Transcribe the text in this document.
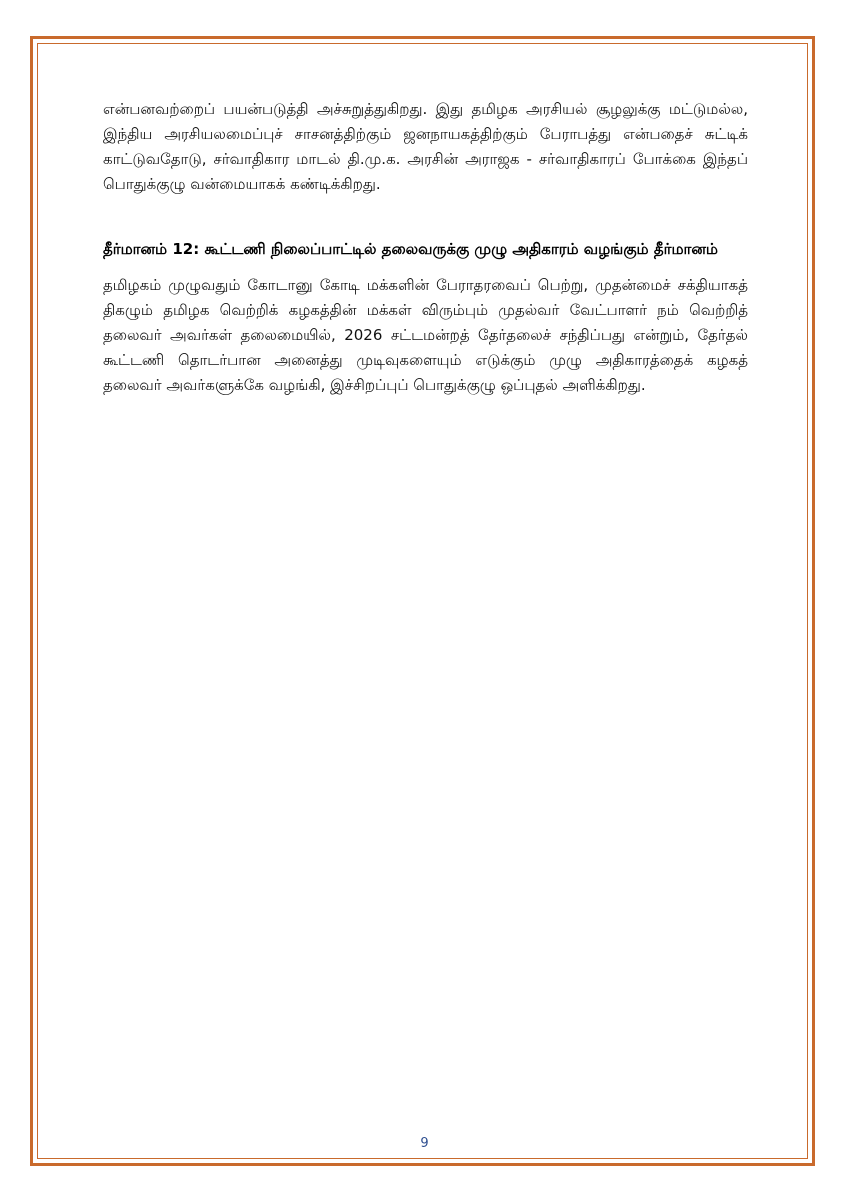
என்பனவற்றைப் பயன்படுத்தி அச்சுறுத்துகிறது. இது தமிழக அரசியல் சூழலுக்கு மட்டுமல்ல, இந்திய அரசியலமைப்புச் சாசனத்திற்கும் ஜனநாயகத்திற்கும் பேராபத்து என்பதைச் சுட்டிக் காட்டுவதோடு, சர்வாதிகார மாடல் தி.மு.க. அரசின் அராஜக - சர்வாதிகாரப் போக்கை இந்தப் பொதுக்குழு வன்மையாகக் கண்டிக்கிறது.

தீர்மானம் 12: கூட்டணி நிலைப்பாட்டில் தலைவருக்கு முழு அதிகாரம் வழங்கும் தீர்மானம்

தமிழகம் முழுவதும் கோடானு கோடி மக்களின் பேராதரவைப் பெற்று, முதன்மைச் சக்தியாகத் திகழும் தமிழக வெற்றிக் கழகத்தின் மக்கள் விரும்பும் முதல்வர் வேட்பாளர் நம் வெற்றித் தலைவர் அவர்கள் தலைமையில், 2026 சட்டமன்றத் தேர்தலைச் சந்திப்பது என்றும், தேர்தல் கூட்டணி தொடர்பான அனைத்து முடிவுகளையும் எடுக்கும் முழு அதிகாரத்தைக் கழகத் தலைவர் அவர்களுக்கே வழங்கி, இச்சிறப்புப் பொதுக்குழு ஒப்புதல் அளிக்கிறது.

9
